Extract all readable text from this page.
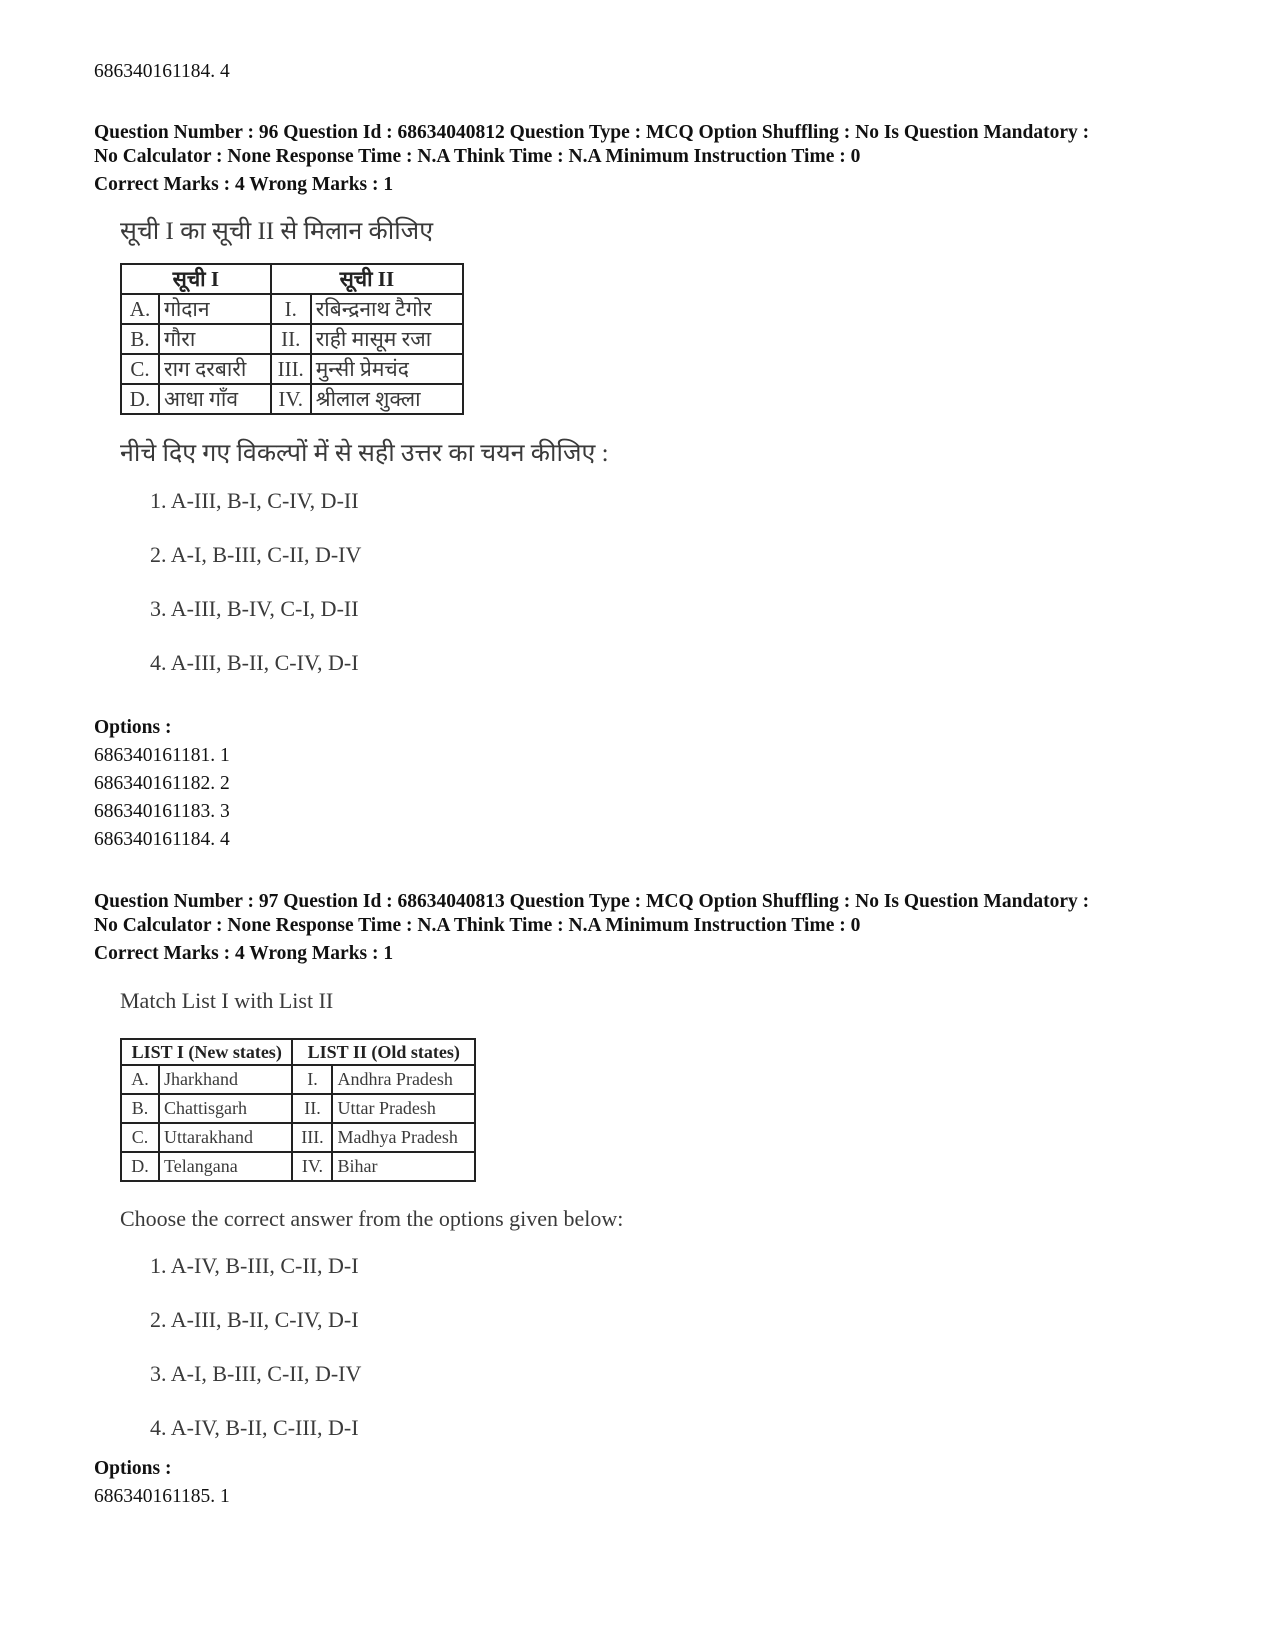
686340161184. 4
Question Number : 96 Question Id : 68634040812 Question Type : MCQ Option Shuffling : No Is Question Mandatory :
No Calculator : None Response Time : N.A Think Time : N.A Minimum Instruction Time : 0
Correct Marks : 4 Wrong Marks : 1
सूची I का सूची II से मिलान कीजिए
सूची I		सूची II	
A.	गोदान	I.	रबिन्द्रनाथ टैगोर
B.	गौरा	II.	राही मासूम रजा
C.	राग दरबारी	III.	मुन्सी प्रेमचंद
D.	आधा गाँव	IV.	श्रीलाल शुक्ला
नीचे दिए गए विकल्पों में से सही उत्तर का चयन कीजिए :
1. A-III, B-I, C-IV, D-II
2. A-I, B-III, C-II, D-IV
3. A-III, B-IV, C-I, D-II
4. A-III, B-II, C-IV, D-I
Options :
686340161181. 1
686340161182. 2
686340161183. 3
686340161184. 4
Question Number : 97 Question Id : 68634040813 Question Type : MCQ Option Shuffling : No Is Question Mandatory :
No Calculator : None Response Time : N.A Think Time : N.A Minimum Instruction Time : 0
Correct Marks : 4 Wrong Marks : 1
Match List I with List II
LIST I (New states)		LIST II (Old states)	
A.	Jharkhand	I.	Andhra Pradesh
B.	Chattisgarh	II.	Uttar Pradesh
C.	Uttarakhand	III.	Madhya Pradesh
D.	Telangana	IV.	Bihar
Choose the correct answer from the options given below:
1. A-IV, B-III, C-II, D-I
2. A-III, B-II, C-IV, D-I
3. A-I, B-III, C-II, D-IV
4. A-IV, B-II, C-III, D-I
Options :
686340161185. 1
